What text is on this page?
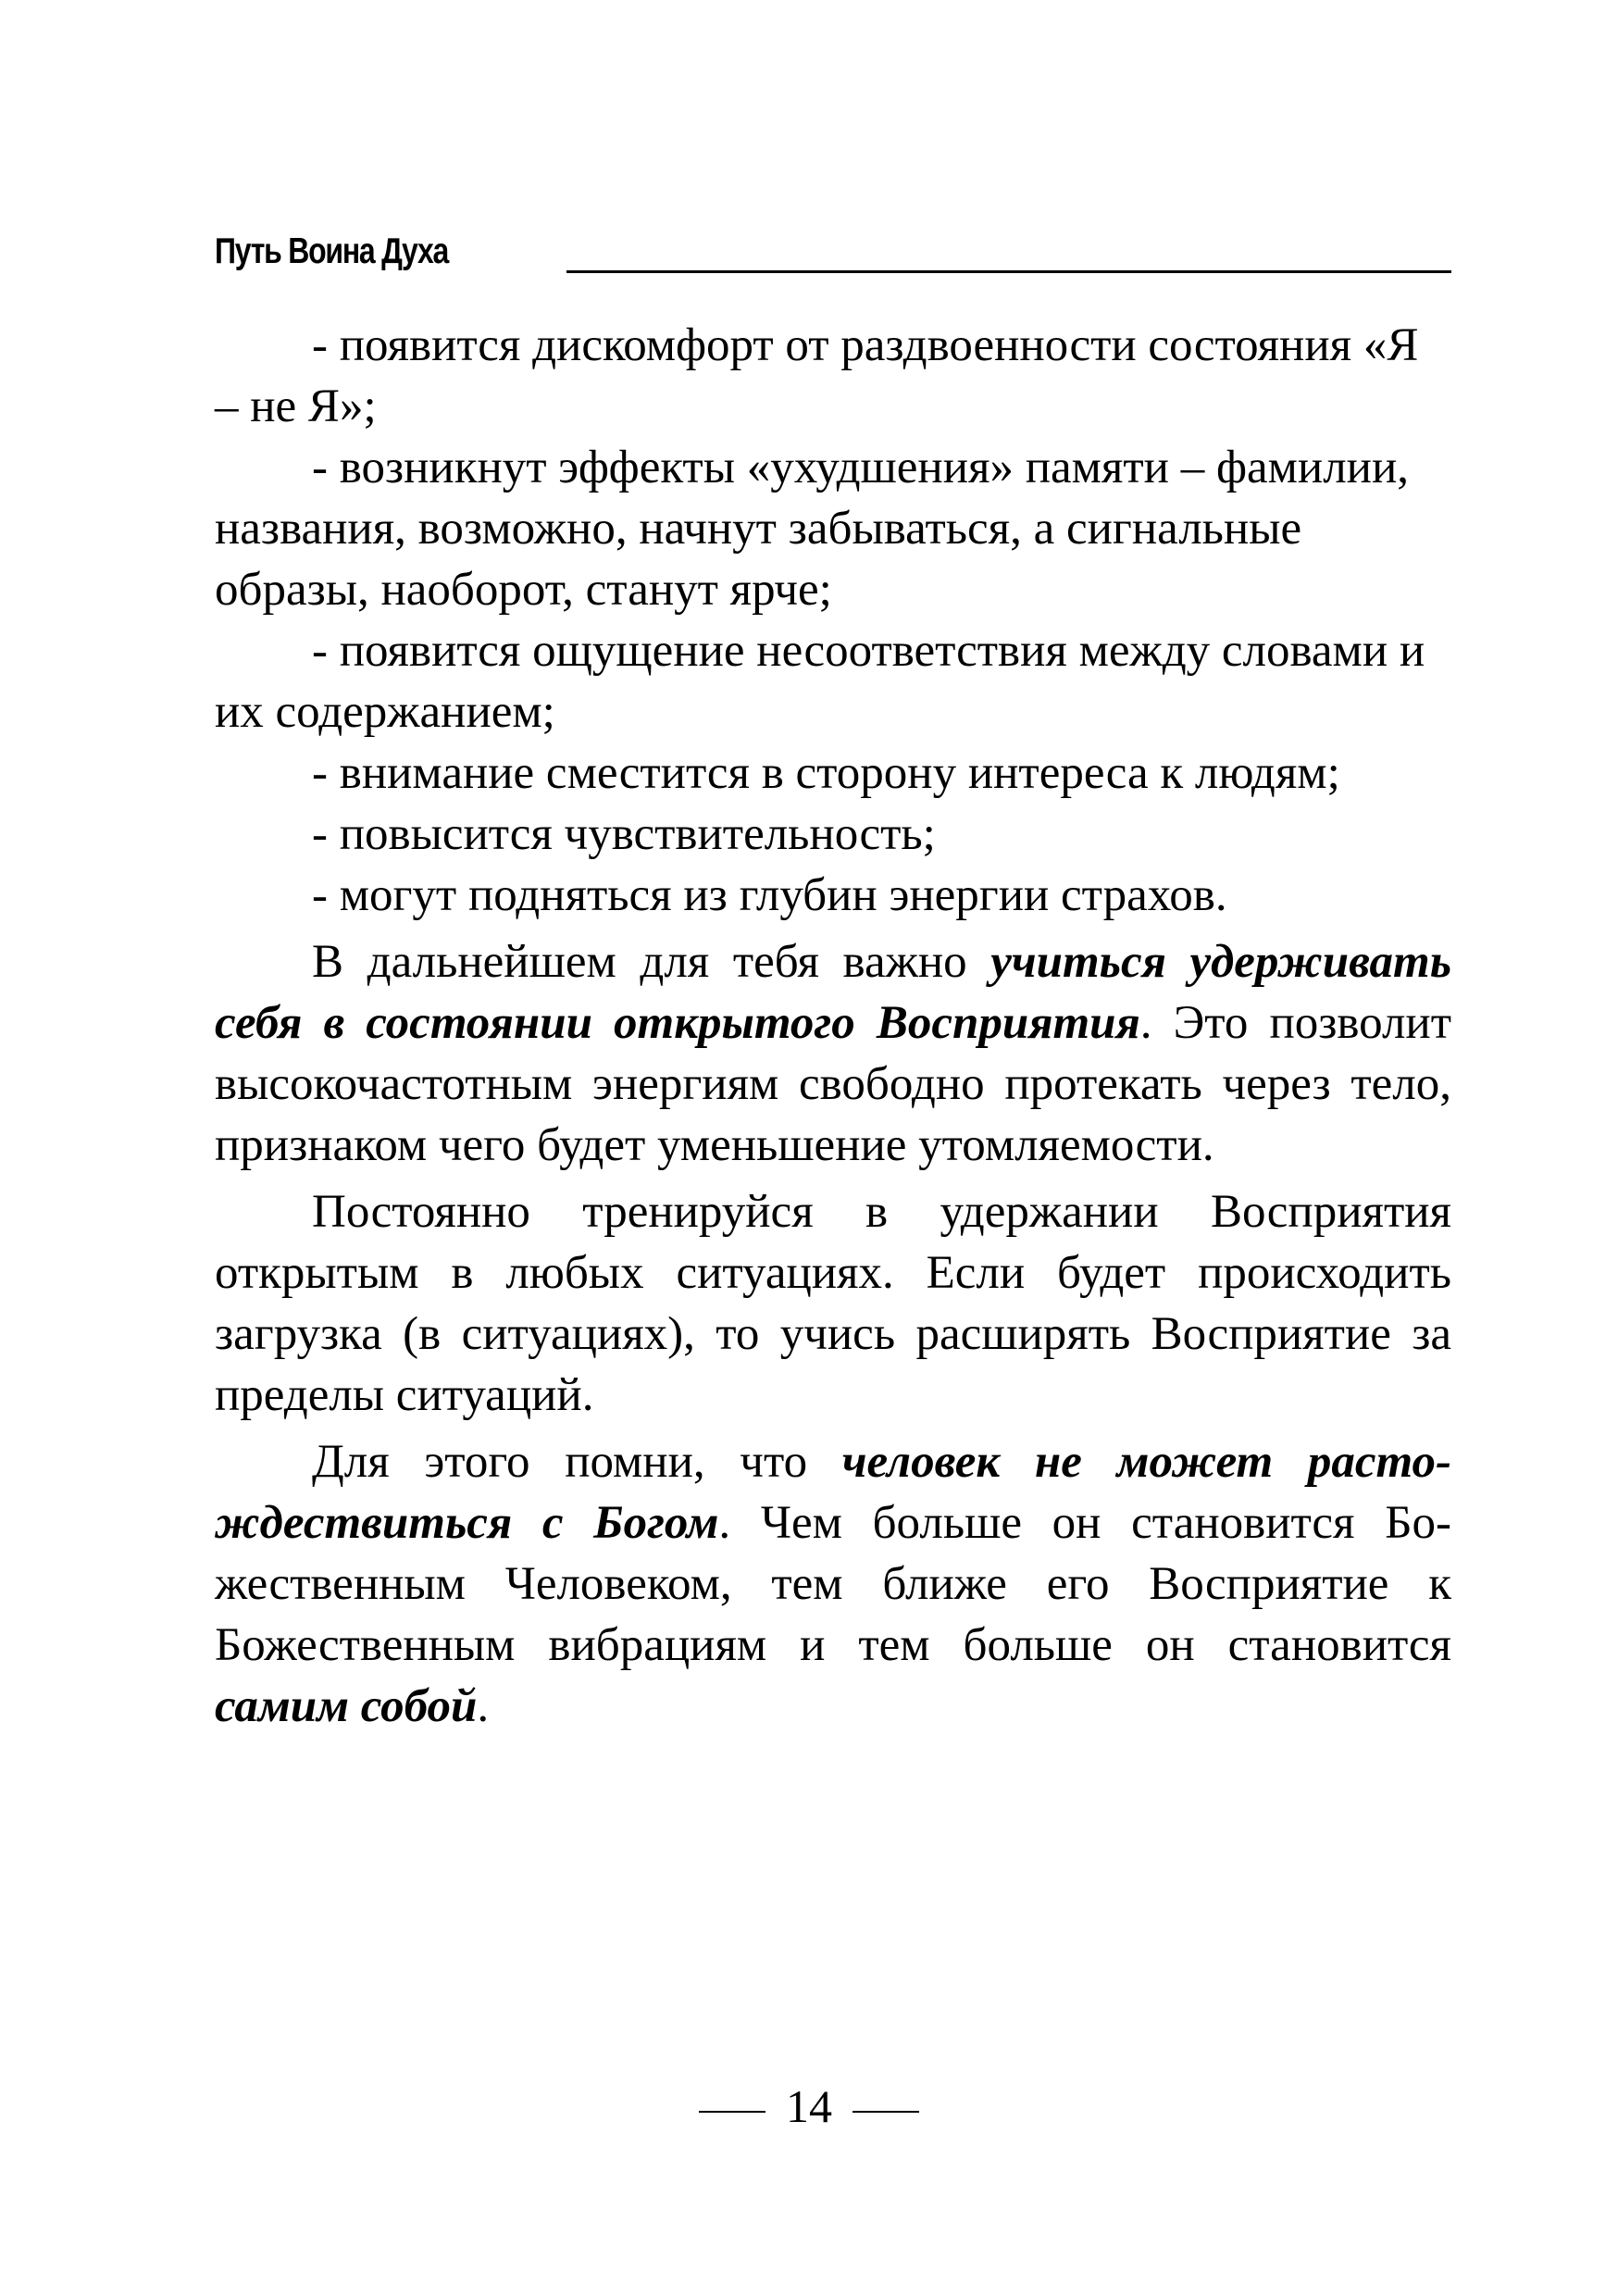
Путь Воина Духа

- появится дискомфорт от раздвоенности состояния «Я – не Я»;

- возникнут эффекты «ухудшения» памяти – фамилии, названия, возможно, начнут забываться, а сигнальные образы, наоборот, станут ярче;

- появится ощущение несоответствия между словами и их содержанием;

- внимание сместится в сторону интереса к людям;

- повысится чувствительность;

- могут подняться из глубин энергии страхов.

В дальнейшем для тебя важно учиться удерживать себя в состоянии открытого Восприятия. Это позволит высокочастотным энергиям свободно протекать через тело, признаком чего будет уменьшение утомляемости.

Постоянно тренируйся в удержании Восприятия открытым в любых ситуациях. Если будет происходить загрузка (в ситуациях), то учись расширять Восприятие за пределы ситуаций.

Для этого помни, что человек не может растождествиться с Богом. Чем больше он становится Божественным Человеком, тем ближе его Восприятие к Божественным вибрациям и тем больше он становится самим собой.

14
